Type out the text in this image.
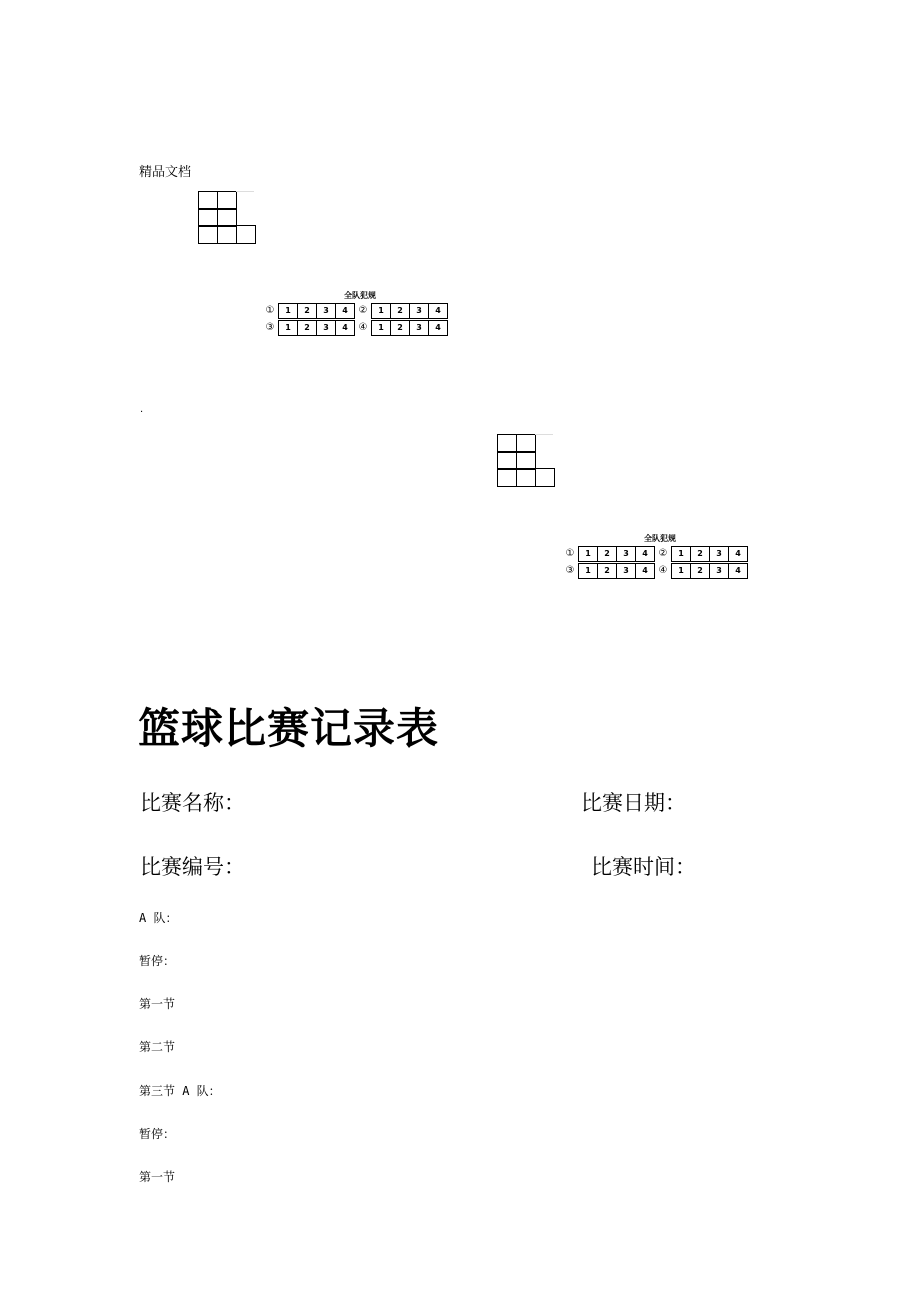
精品文档
全队犯规
①	1	2	3	4	②	1	2	3	4
③	1	2	3	4	④	1	2	3	4
.
全队犯规
①	1	2	3	4	②	1	2	3	4
③	1	2	3	4	④	1	2	3	4
篮球比赛记录表
比赛名称：	比赛日期：
比赛编号：	比赛时间：
A 队：
暂停：
第一节
第二节
第三节 A 队：
暂停：
第一节
